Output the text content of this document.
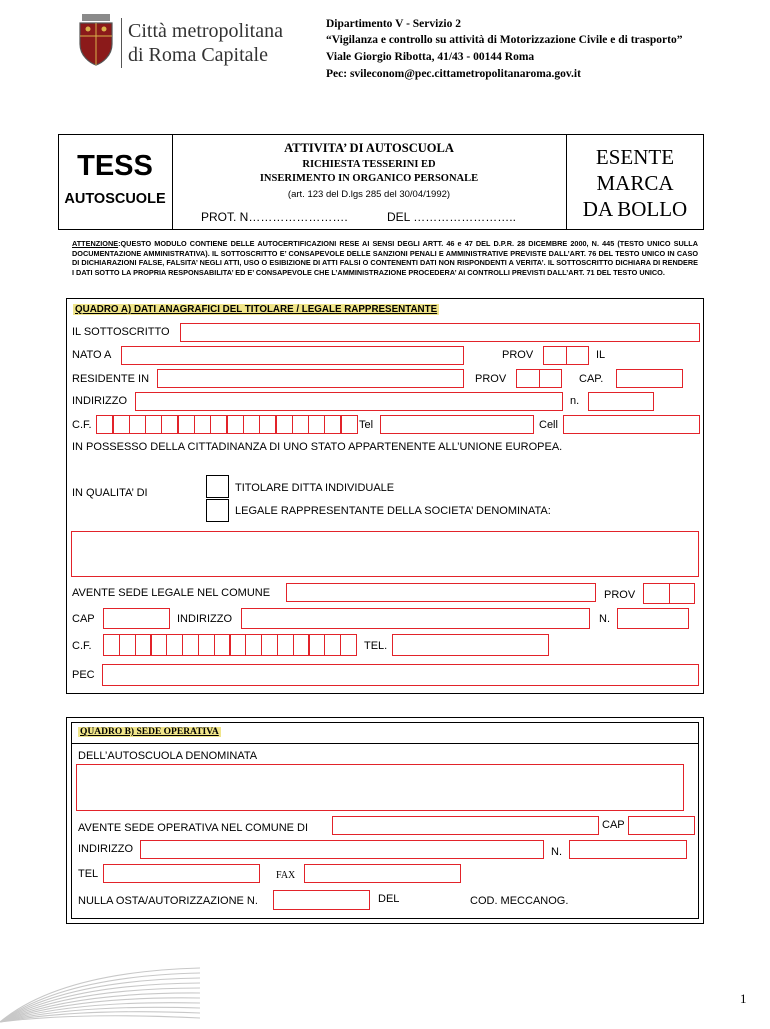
Città metropolitana
di Roma Capitale
Dipartimento V - Servizio 2
“Vigilanza e controllo su attività di Motorizzazione Civile e di trasporto”
Viale Giorgio Ribotta, 41/43 - 00144 Roma
Pec: svileconom@pec.cittametropolitanaroma.gov.it
TESS
AUTOSCUOLE
ATTIVITA’ DI AUTOSCUOLA
RICHIESTA TESSERINI ED
INSERIMENTO IN ORGANICO PERSONALE
(art. 123 del D.lgs 285 del 30/04/1992)
PROT. N…………………….	DEL ……………………..
ESENTE
MARCA
DA BOLLO
ATTENZIONE:QUESTO MODULO CONTIENE DELLE AUTOCERTIFICAZIONI RESE AI SENSI DEGLI ARTT. 46 e 47 DEL D.P.R. 28 DICEMBRE 2000, N. 445 (TESTO UNICO SULLA DOCUMENTAZIONE AMMINISTRATIVA). IL SOTTOSCRITTO E’ CONSAPEVOLE DELLE SANZIONI PENALI E AMMINISTRATIVE PREVISTE DALL’ART. 76 DEL TESTO UNICO IN CASO DI DICHIARAZIONI FALSE, FALSITA’ NEGLI ATTI, USO O ESIBIZIONE DI ATTI FALSI O CONTENENTI DATI NON RISPONDENTI A VERITA’. IL SOTTOSCRITTO DICHIARA DI RENDERE I DATI SOTTO LA PROPRIA RESPONSABILITA’ ED E’ CONSAPEVOLE CHE L’AMMINISTRAZIONE PROCEDERA’ AI CONTROLLI PREVISTI DALL’ART. 71 DEL TESTO UNICO.
QUADRO A) DATI ANAGRAFICI DEL TITOLARE / LEGALE RAPPRESENTANTE
IL SOTTOSCRITTO
NATO A	PROV	IL
RESIDENTE IN	PROV	CAP.
INDIRIZZO	n.
C.F.	Tel	Cell
IN POSSESSO DELLA CITTADINANZA DI UNO STATO APPARTENENTE ALL’UNIONE EUROPEA.
IN QUALITA’ DI	TITOLARE DITTA INDIVIDUALE
LEGALE RAPPRESENTANTE DELLA SOCIETA’ DENOMINATA:
AVENTE SEDE LEGALE NEL COMUNE	PROV
CAP	INDIRIZZO	N.
C.F.	TEL.
PEC
QUADRO B) SEDE OPERATIVA
DELL’AUTOSCUOLA DENOMINATA
AVENTE SEDE OPERATIVA NEL COMUNE DI	CAP
INDIRIZZO	N.
TEL	FAX
NULLA OSTA/AUTORIZZAZIONE N.	DEL	COD. MECCANOG.
1
